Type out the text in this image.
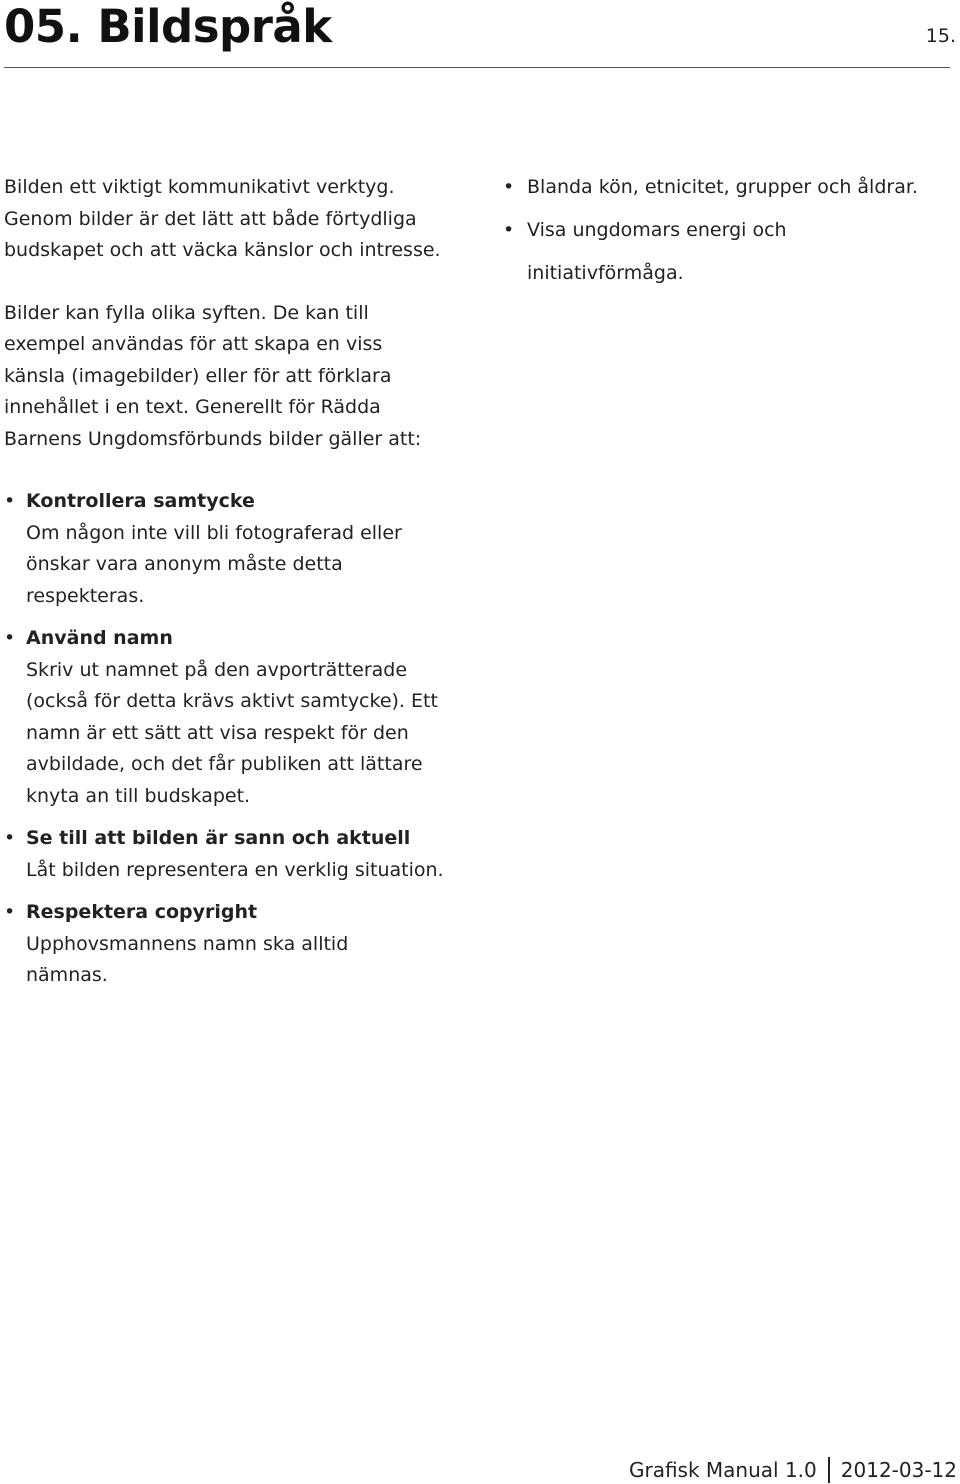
05. Bildspråk	15.

Bilden ett viktigt kommunikativt verktyg. Genom bilder är det lätt att både förtydliga budskapet och att väcka känslor och intresse.

Bilder kan fylla olika syften. De kan till exempel användas för att skapa en viss känsla (imagebilder) eller för att förklara innehållet i en text. Generellt för Rädda Barnens Ungdomsförbunds bilder gäller att:

• Kontrollera samtycke
Om någon inte vill bli fotograferad eller önskar vara anonym måste detta respekteras.
• Använd namn
Skriv ut namnet på den avporträtterade (också för detta krävs aktivt samtycke). Ett namn är ett sätt att visa respekt för den avbildade, och det får publiken att lättare knyta an till budskapet.
• Se till att bilden är sann och aktuell
Låt bilden representera en verklig situation.
• Respektera copyright
Upphovsmannens namn ska alltid nämnas.
• Blanda kön, etnicitet, grupper och åldrar.
• Visa ungdomars energi och initiativförmåga.
Grafisk Manual 1.0 2012-03-12
